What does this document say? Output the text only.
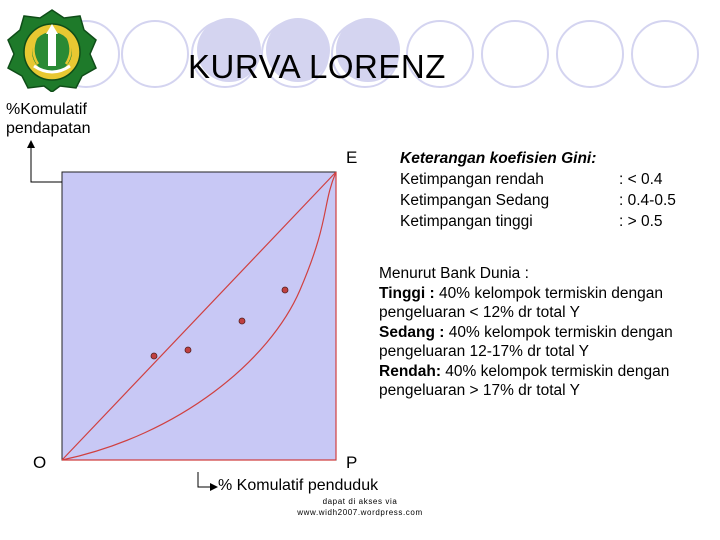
KURVA LORENZ
%Komulatif
pendapatan
E
O	P
% Komulatif penduduk
dapat di akses via
www.widh2007.wordpress.com
Keterangan koefisien Gini:
Ketimpangan rendah	: < 0.4
Ketimpangan Sedang	: 0.4-0.5
Ketimpangan tinggi	: > 0.5
Menurut Bank Dunia :
Tinggi : 40% kelompok termiskin dengan pengeluaran < 12% dr total Y
Sedang : 40% kelompok termiskin dengan pengeluaran 12-17% dr total Y
Rendah: 40% kelompok termiskin dengan pengeluaran > 17% dr total Y
